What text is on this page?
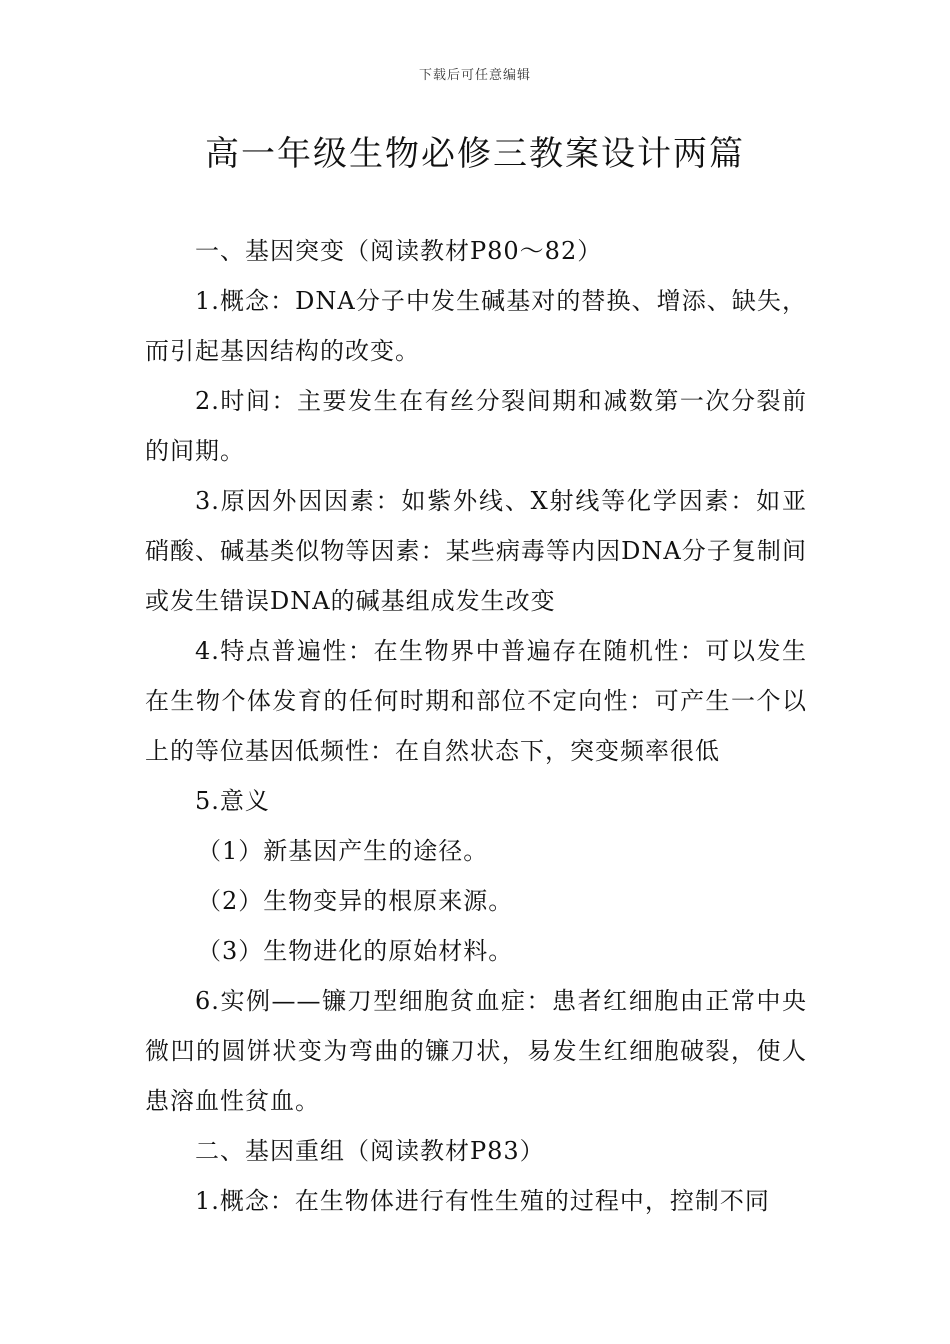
下载后可任意编辑
高一年级生物必修三教案设计两篇

一、基因突变（阅读教材P80～82）

1.概念：DNA分子中发生碱基对的替换、增添、缺失，而引起基因结构的改变。

2.时间：主要发生在有丝分裂间期和减数第一次分裂前的间期。

3.原因外因因素：如紫外线、X射线等化学因素：如亚硝酸、碱基类似物等因素：某些病毒等内因DNA分子复制间或发生错误DNA的碱基组成发生改变

4.特点普遍性：在生物界中普遍存在随机性：可以发生在生物个体发育的任何时期和部位不定向性：可产生一个以上的等位基因低频性：在自然状态下，突变频率很低

5.意义

（1）新基因产生的途径。

（2）生物变异的根原来源。

（3）生物进化的原始材料。

6.实例——镰刀型细胞贫血症：患者红细胞由正常中央微凹的圆饼状变为弯曲的镰刀状，易发生红细胞破裂，使人患溶血性贫血。

二、基因重组（阅读教材P83）

1.概念：在生物体进行有性生殖的过程中，控制不同
